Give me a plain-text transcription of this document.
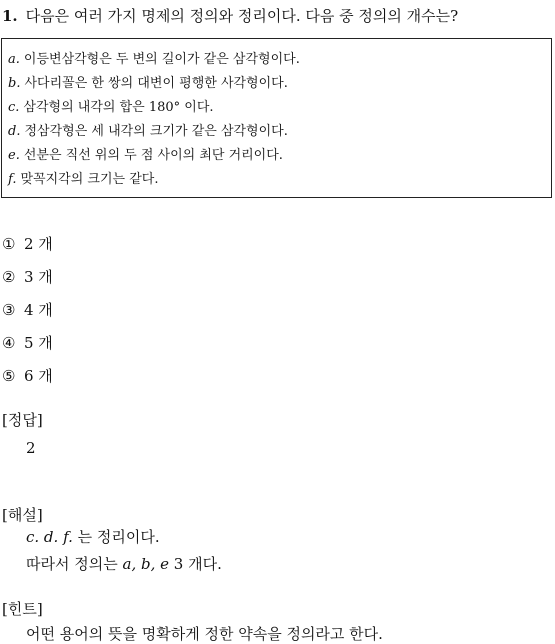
1. 다음은 여러 가지 명제의 정의와 정리이다. 다음 중 정의의 개수는?
a. 이등변삼각형은 두 변의 길이가 같은 삼각형이다.
b. 사다리꼴은 한 쌍의 대변이 평행한 사각형이다.
c. 삼각형의 내각의 합은 180° 이다.
d. 정삼각형은 세 내각의 크기가 같은 삼각형이다.
e. 선분은 직선 위의 두 점 사이의 최단 거리이다.
f. 맞꼭지각의 크기는 같다.
① 2 개
② 3 개
③ 4 개
④ 5 개
⑤ 6 개
[정답]
2
[해설]
c. d. f. 는 정리이다.
따라서 정의는 a, b, e 3 개다.
[힌트]
어떤 용어의 뜻을 명확하게 정한 약속을 정의라고 한다.
